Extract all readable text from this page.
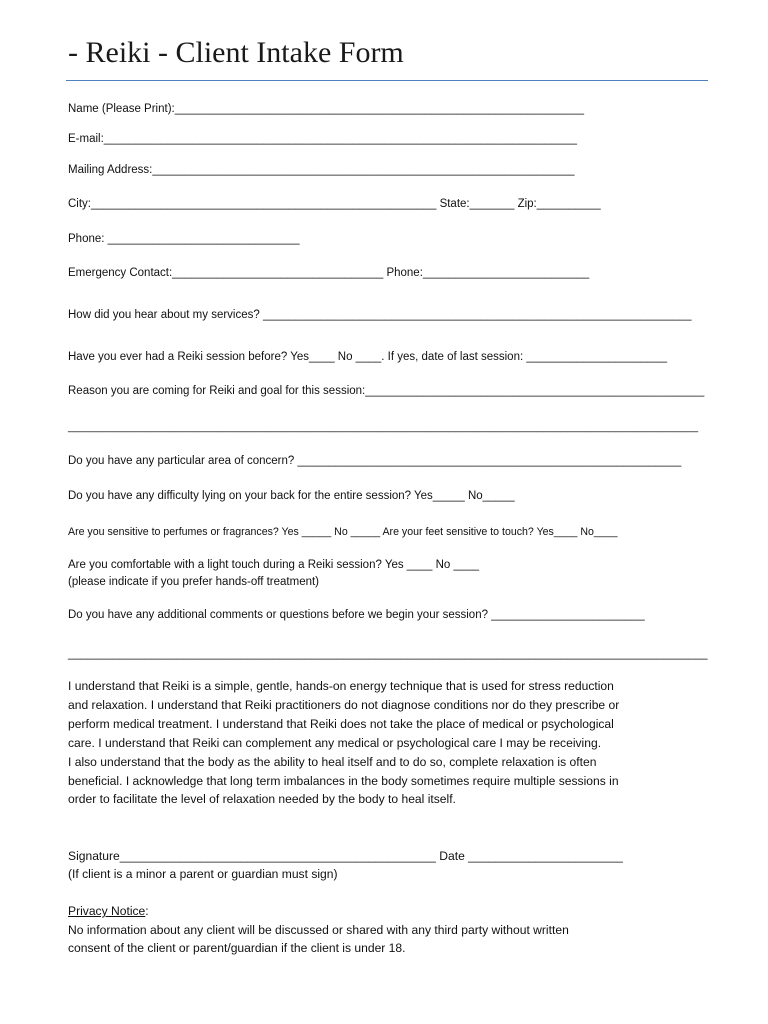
- Reiki - Client Intake Form
Name (Please Print):________________________________________________________________
E-mail:__________________________________________________________________________
Mailing Address:__________________________________________________________________
City:______________________________________________________ State:_______ Zip:__________
Phone: ______________________________
Emergency Contact:_________________________________ Phone:__________________________
How did you hear about my services? ___________________________________________________________________
Have you ever had a Reiki session before? Yes____ No ____. If yes, date of last session: ______________________
Reason you are coming for Reiki and goal for this session:_____________________________________________________
__________________________________________________________________________________________________________
Do you have any particular area of concern? ____________________________________________________________
Do you have any difficulty lying on your back for the entire session? Yes_____ No_____
Are you sensitive to perfumes or fragrances? Yes _____ No _____ Are your feet sensitive to touch? Yes____ No____
Are you comfortable with a light touch during a Reiki session? Yes ____ No ____
(please indicate if you prefer hands-off treatment)
Do you have any additional comments or questions before we begin your session? ________________________
____________________________________________________________________________________________________
I understand that Reiki is a simple, gentle, hands-on energy technique that is used for stress reduction
and relaxation. I understand that Reiki practitioners do not diagnose conditions nor do they prescribe or
perform medical treatment. I understand that Reiki does not take the place of medical or psychological
care. I understand that Reiki can complement any medical or psychological care I may be receiving.
I also understand that the body as the ability to heal itself and to do so, complete relaxation is often
beneficial. I acknowledge that long term imbalances in the body sometimes require multiple sessions in
order to facilitate the level of relaxation needed by the body to heal itself.
Signature_______________________________________________ Date _______________________
(If client is a minor a parent or guardian must sign)
Privacy Notice:
No information about any client will be discussed or shared with any third party without written
consent of the client or parent/guardian if the client is under 18.
